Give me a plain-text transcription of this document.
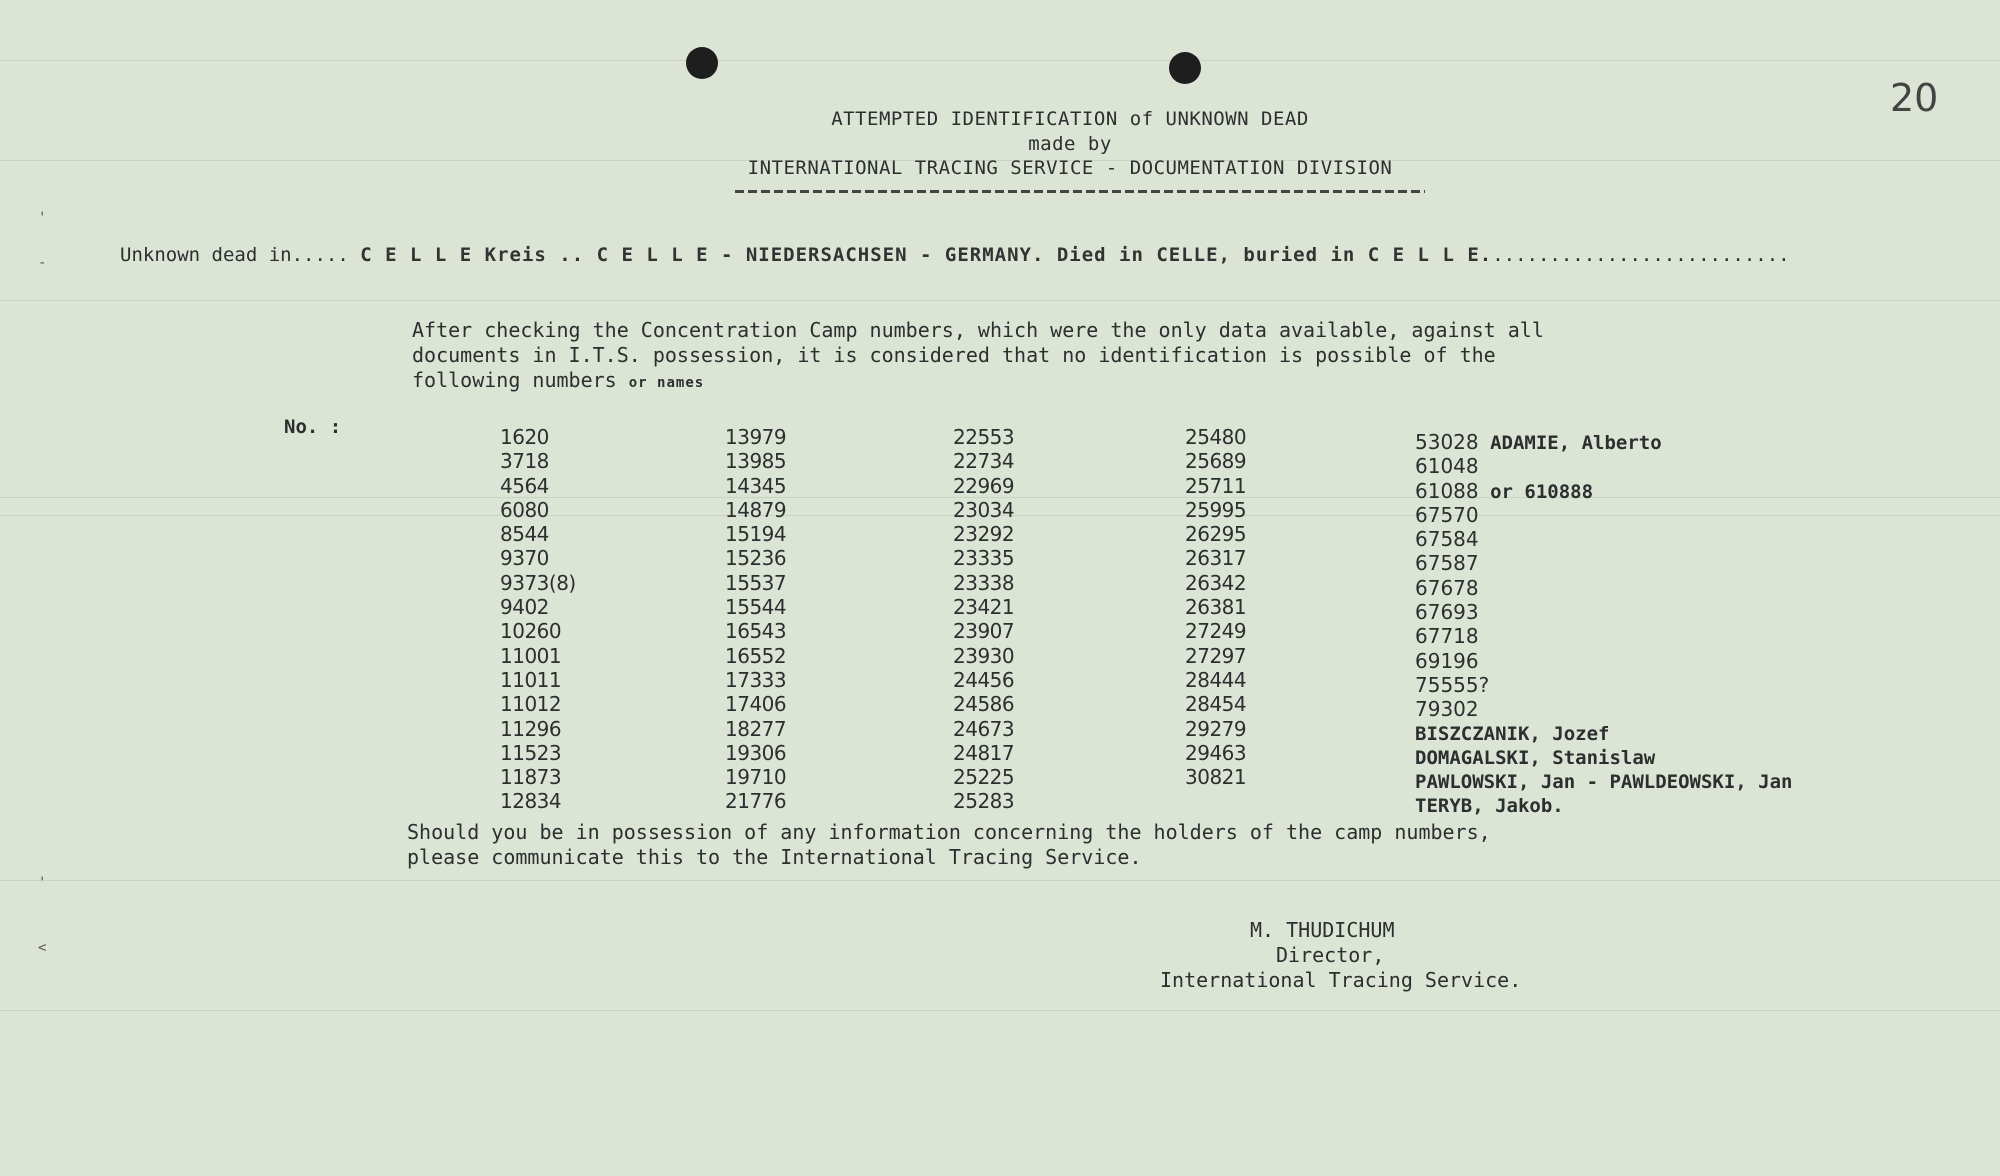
20
ATTEMPTED IDENTIFICATION of UNKNOWN DEAD
made by
INTERNATIONAL TRACING SERVICE - DOCUMENTATION DIVISION
Unknown dead in..... C E L L E Kreis .. C E L L E - NIEDERSACHSEN - GERMANY. Died in CELLE, buried in C E L L E...........................
After checking the Concentration Camp numbers, which were the only data available, against all
documents in I.T.S. possession, it is considered that no identification is possible of the
following numbers or names
No. :	1620
3718
4564
6080
8544
9370
9373(8)
9402
10260
11001
11011
11012
11296
11523
11873
12834
13979
13985
14345
14879
15194
15236
15537
15544
16543
16552
17333
17406
18277
19306
19710
21776
22553
22734
22969
23034
23292
23335
23338
23421
23907
23930
24456
24586
24673
24817
25225
25283
25480
25689
25711
25995
26295
26317
26342
26381
27249
27297
28444
28454
29279
29463
30821
53028 ADAMIE, Alberto
61048
61088 or 610888
67570
67584
67587
67678
67693
67718
69196
75555?
79302
BISZCZANIK, Jozef
DOMAGALSKI, Stanislaw
PAWLOWSKI, Jan - PAWLDEOWSKI, Jan
TERYB, Jakob.
Should you be in possession of any information concerning the holders of the camp numbers,
please communicate this to the International Tracing Service.
M. THUDICHUM
Director,
International Tracing Service.
'
-
'
<
